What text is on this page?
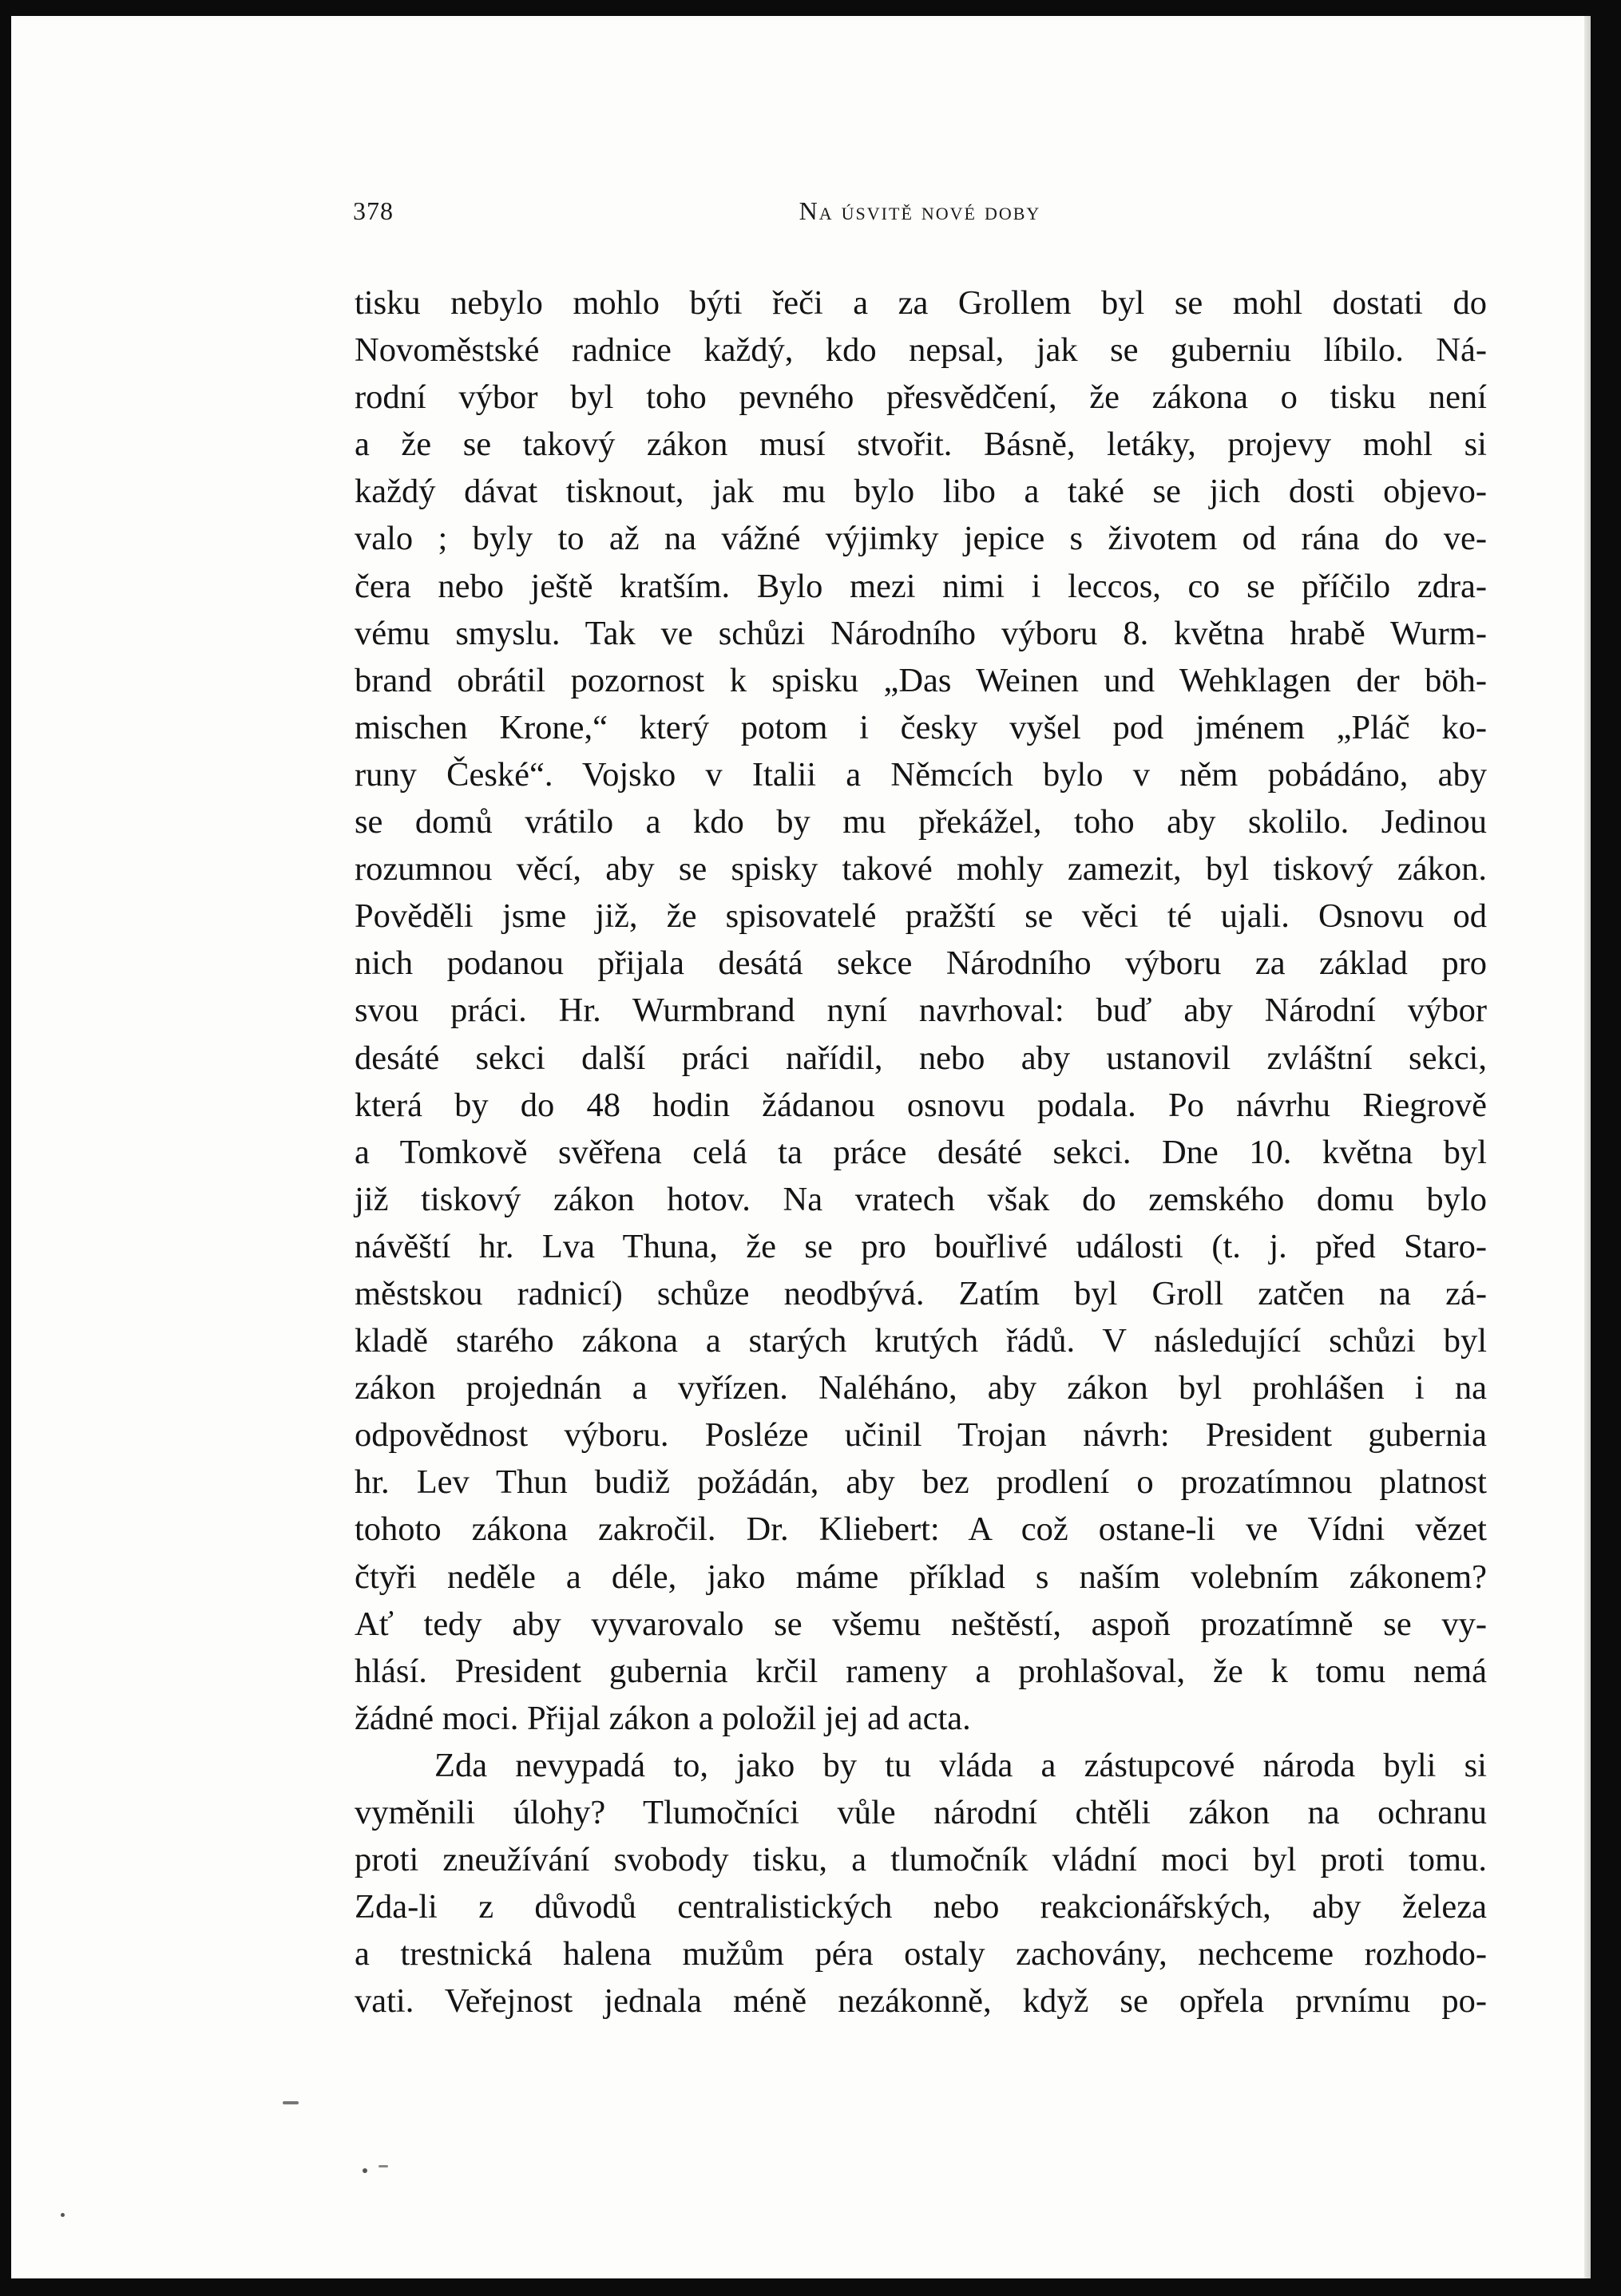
378	na úsvitě nové doby
tisku nebylo mohlo býti řeči a za Grollem byl se mohl dostati do
Novoměstské radnice každý, kdo nepsal, jak se guberniu líbilo. Ná-
rodní výbor byl toho pevného přesvědčení, že zákona o tisku není
a že se takový zákon musí stvořit. Básně, letáky, projevy mohl si
každý dávat tisknout, jak mu bylo libo a také se jich dosti objevo-
valo ; byly to až na vážné výjimky jepice s životem od rána do ve-
čera nebo ještě kratším. Bylo mezi nimi i leccos, co se příčilo zdra-
vému smyslu. Tak ve schůzi Národního výboru 8. května hrabě Wurm-
brand obrátil pozornost k spisku „Das Weinen und Wehklagen der böh-
mischen Krone,“ který potom i česky vyšel pod jménem „Pláč ko-
runy České“. Vojsko v Italii a Němcích bylo v něm pobádáno, aby
se domů vrátilo a kdo by mu překážel, toho aby skolilo. Jedinou
rozumnou věcí, aby se spisky takové mohly zamezit, byl tiskový zákon.
Pověděli jsme již, že spisovatelé pražští se věci té ujali. Osnovu od
nich podanou přijala desátá sekce Národního výboru za základ pro
svou práci. Hr. Wurmbrand nyní navrhoval: buď aby Národní výbor
desáté sekci další práci nařídil, nebo aby ustanovil zvláštní sekci,
která by do 48 hodin žádanou osnovu podala. Po návrhu Riegrově
a Tomkově svěřena celá ta práce desáté sekci. Dne 10. května byl
již tiskový zákon hotov. Na vratech však do zemského domu bylo
návěští hr. Lva Thuna, že se pro bouřlivé události (t. j. před Staro-
městskou radnicí) schůze neodbývá. Zatím byl Groll zatčen na zá-
kladě starého zákona a starých krutých řádů. V následující schůzi byl
zákon projednán a vyřízen. Naléháno, aby zákon byl prohlášen i na
odpovědnost výboru. Posléze učinil Trojan návrh: President gubernia
hr. Lev Thun budiž požádán, aby bez prodlení o prozatímnou platnost
tohoto zákona zakročil. Dr. Kliebert: A což ostane-li ve Vídni vězet
čtyři neděle a déle, jako máme příklad s naším volebním zákonem?
Ať tedy aby vyvarovalo se všemu neštěstí, aspoň prozatímně se vy-
hlásí. President gubernia krčil rameny a prohlašoval, že k tomu nemá
žádné moci. Přijal zákon a položil jej ad acta.
Zda nevypadá to, jako by tu vláda a zástupcové národa byli si
vyměnili úlohy? Tlumočníci vůle národní chtěli zákon na ochranu
proti zneužívání svobody tisku, a tlumočník vládní moci byl proti tomu.
Zda-li z důvodů centralistických nebo reakcionářských, aby železa
a trestnická halena mužům péra ostaly zachovány, nechceme rozhodo-
vati. Veřejnost jednala méně nezákonně, když se opřela prvnímu po-
